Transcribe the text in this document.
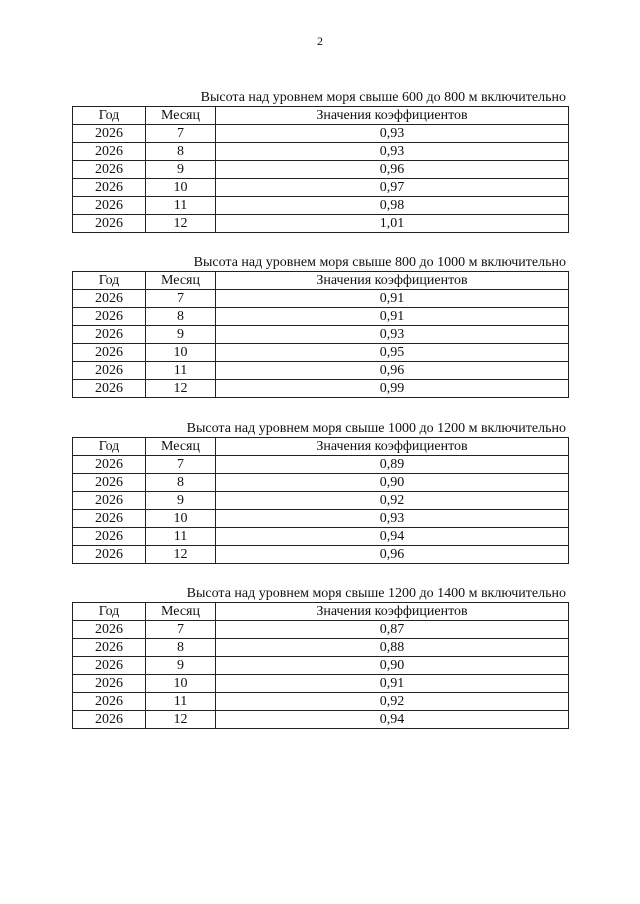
2
Высота над уровнем моря свыше 600 до 800 м включительно
Год	Месяц	Значения коэффициентов
2026	7	0,93
2026	8	0,93
2026	9	0,96
2026	10	0,97
2026	11	0,98
2026	12	1,01
Высота над уровнем моря свыше 800 до 1000 м включительно
Год	Месяц	Значения коэффициентов
2026	7	0,91
2026	8	0,91
2026	9	0,93
2026	10	0,95
2026	11	0,96
2026	12	0,99
Высота над уровнем моря свыше 1000 до 1200 м включительно
Год	Месяц	Значения коэффициентов
2026	7	0,89
2026	8	0,90
2026	9	0,92
2026	10	0,93
2026	11	0,94
2026	12	0,96
Высота над уровнем моря свыше 1200 до 1400 м включительно
Год	Месяц	Значения коэффициентов
2026	7	0,87
2026	8	0,88
2026	9	0,90
2026	10	0,91
2026	11	0,92
2026	12	0,94
